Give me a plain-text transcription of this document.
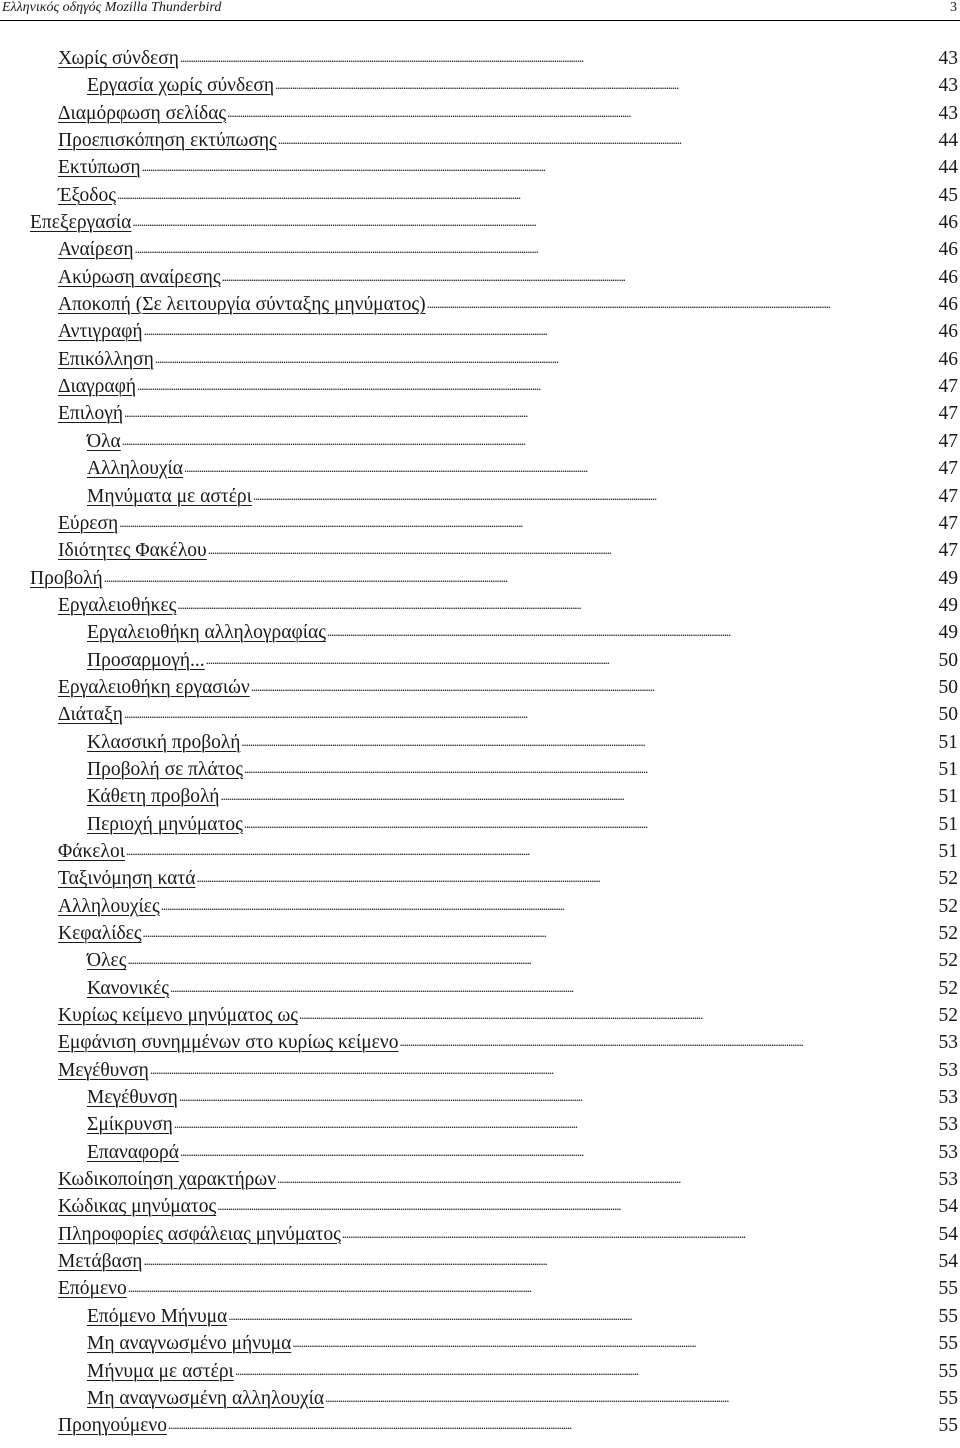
Ελληνικός οδηγός Mozilla Thunderbird	3
Χωρίς σύνδεση . . .	43
Εργασία χωρίς σύνδεση . . .	43
Διαμόρφωση σελίδας . . .	43
Προεπισκόπηση εκτύπωσης . . .	44
Εκτύπωση . . .	44
Έξοδος . . .	45
Επεξεργασία . . .	46
Αναίρεση . . .	46
Ακύρωση αναίρεσης . . .	46
Αποκοπή (Σε λειτουργία σύνταξης μηνύματος) . . .	46
Αντιγραφή . . .	46
Επικόλληση . . .	46
Διαγραφή . . .	47
Επιλογή . . .	47
Όλα . . .	47
Αλληλουχία . . .	47
Μηνύματα με αστέρι . . .	47
Εύρεση . . .	47
Ιδιότητες Φακέλου . . .	47
Προβολή . . .	49
Εργαλειοθήκες . . .	49
Εργαλειοθήκη αλληλογραφίας . . .	49
Προσαρμογή... . . .	50
Εργαλειοθήκη εργασιών . . .	50
Διάταξη . . .	50
Κλασσική προβολή . . .	51
Προβολή σε πλάτος . . .	51
Κάθετη προβολή . . .	51
Περιοχή μηνύματος . . .	51
Φάκελοι . . .	51
Ταξινόμηση κατά . . .	52
Αλληλουχίες . . .	52
Κεφαλίδες . . .	52
Όλες . . .	52
Κανονικές . . .	52
Κυρίως κείμενο μηνύματος ως . . .	52
Εμφάνιση συνημμένων στο κυρίως κείμενο . . .	53
Μεγέθυνση . . .	53
Μεγέθυνση . . .	53
Σμίκρυνση . . .	53
Επαναφορά . . .	53
Κωδικοποίηση χαρακτήρων . . .	53
Κώδικας μηνύματος . . .	54
Πληροφορίες ασφάλειας μηνύματος . . .	54
Μετάβαση . . .	54
Επόμενο . . .	55
Επόμενο Μήνυμα . . .	55
Μη αναγνωσμένο μήνυμα . . .	55
Μήνυμα με αστέρι . . .	55
Μη αναγνωσμένη αλληλουχία . . .	55
Προηγούμενο . . .	55
